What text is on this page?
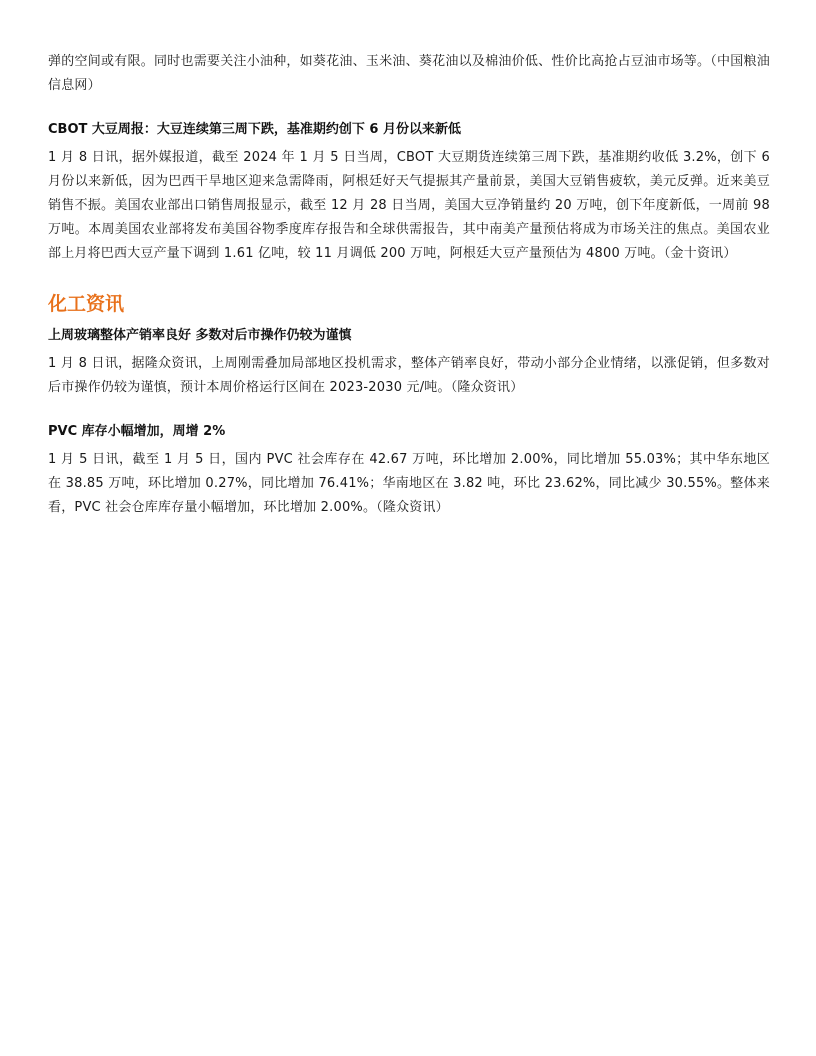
弹的空间或有限。同时也需要关注小油种，如葵花油、玉米油、葵花油以及棉油价低、性价比高抢占豆油市场等。（中国粮油信息网）

CBOT 大豆周报：大豆连续第三周下跌，基准期约创下 6 月份以来新低

1 月 8 日讯，据外媒报道，截至 2024 年 1 月 5 日当周，CBOT 大豆期货连续第三周下跌，基准期约收低 3.2%，创下 6 月份以来新低，因为巴西干旱地区迎来急需降雨，阿根廷好天气提振其产量前景，美国大豆销售疲软，美元反弹。近来美豆销售不振。美国农业部出口销售周报显示，截至 12 月 28 日当周，美国大豆净销量约 20 万吨，创下年度新低，一周前 98 万吨。本周美国农业部将发布美国谷物季度库存报告和全球供需报告，其中南美产量预估将成为市场关注的焦点。美国农业部上月将巴西大豆产量下调到 1.61 亿吨，较 11 月调低 200 万吨，阿根廷大豆产量预估为 4800 万吨。（金十资讯）

化工资讯

上周玻璃整体产销率良好 多数对后市操作仍较为谨慎

1 月 8 日讯，据隆众资讯，上周刚需叠加局部地区投机需求，整体产销率良好，带动小部分企业情绪，以涨促销，但多数对后市操作仍较为谨慎，预计本周价格运行区间在 2023-2030 元/吨。（隆众资讯）

PVC 库存小幅增加，周增 2%

1 月 5 日讯，截至 1 月 5 日，国内 PVC 社会库存在 42.67 万吨，环比增加 2.00%，同比增加 55.03%；其中华东地区在 38.85 万吨，环比增加 0.27%，同比增加 76.41%；华南地区在 3.82 吨，环比 23.62%，同比减少 30.55%。整体来看，PVC 社会仓库库存量小幅增加，环比增加 2.00%。（隆众资讯）
